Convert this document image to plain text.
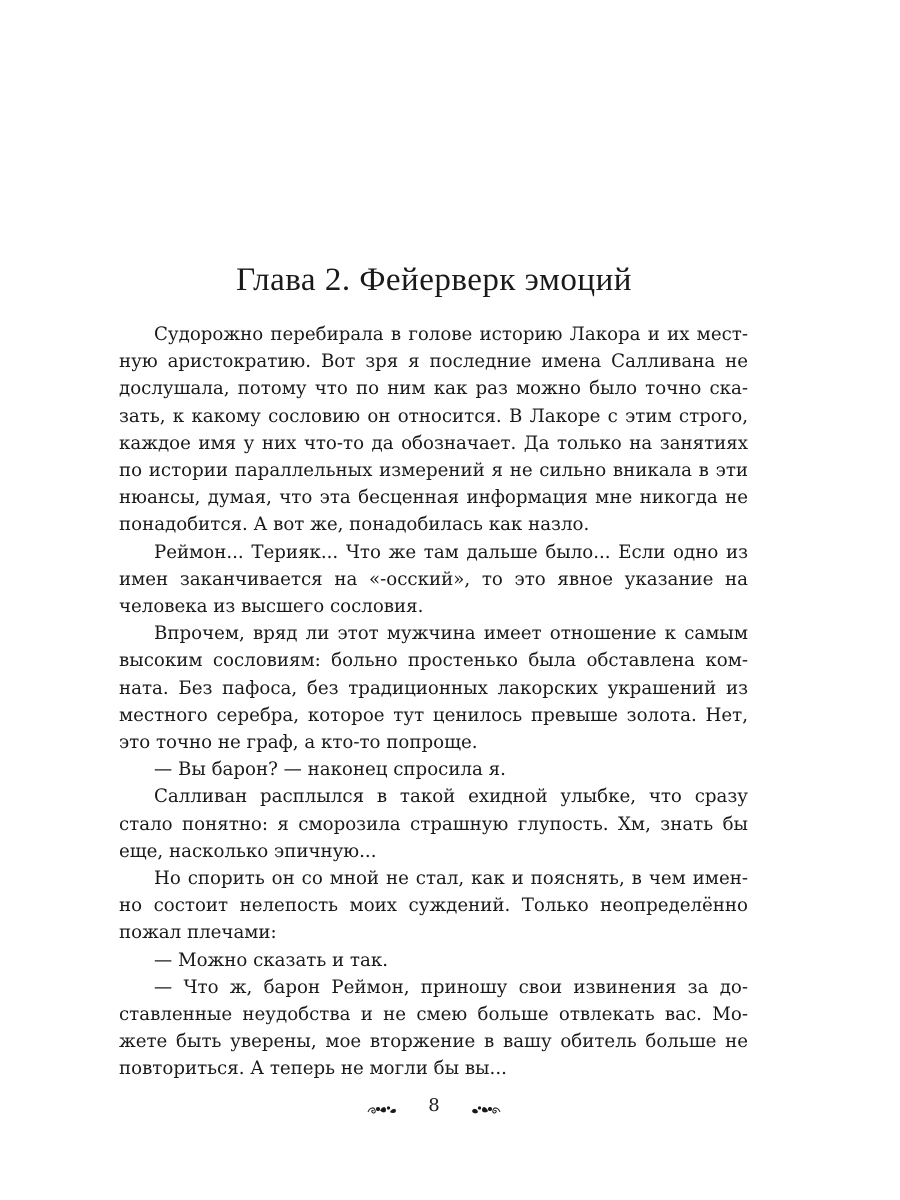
Глава 2. Фейерверк эмоций

Судорожно перебирала в голове историю Лакора и их местную аристократию. Вот зря я последние имена Салливана не дослушала, потому что по ним как раз можно было точно сказать, к какому сословию он относится. В Лакоре с этим строго, каждое имя у них что-то да обозначает. Да только на занятиях по истории параллельных измерений я не сильно вникала в эти нюансы, думая, что эта бесценная информация мне никогда не понадобится. А вот же, понадобилась как назло.

Реймон... Терияк... Что же там дальше было... Если одно из имен заканчивается на «-осский», то это явное указание на человека из высшего сословия.

Впрочем, вряд ли этот мужчина имеет отношение к самым высоким сословиям: больно простенько была обставлена комната. Без пафоса, без традиционных лакорских украшений из местного серебра, которое тут ценилось превыше золота. Нет, это точно не граф, а кто-то попроще.

— Вы барон? — наконец спросила я.

Салливан расплылся в такой ехидной улыбке, что сразу стало понятно: я сморозила страшную глупость. Хм, знать бы еще, насколько эпичную...

Но спорить он со мной не стал, как и пояснять, в чем именно состоит нелепость моих суждений. Только неопределённо пожал плечами:

— Можно сказать и так.

— Что ж, барон Реймон, приношу свои извинения за доставленные неудобства и не смею больше отвлекать вас. Можете быть уверены, мое вторжение в вашу обитель больше не повториться. А теперь не могли бы вы...

8
